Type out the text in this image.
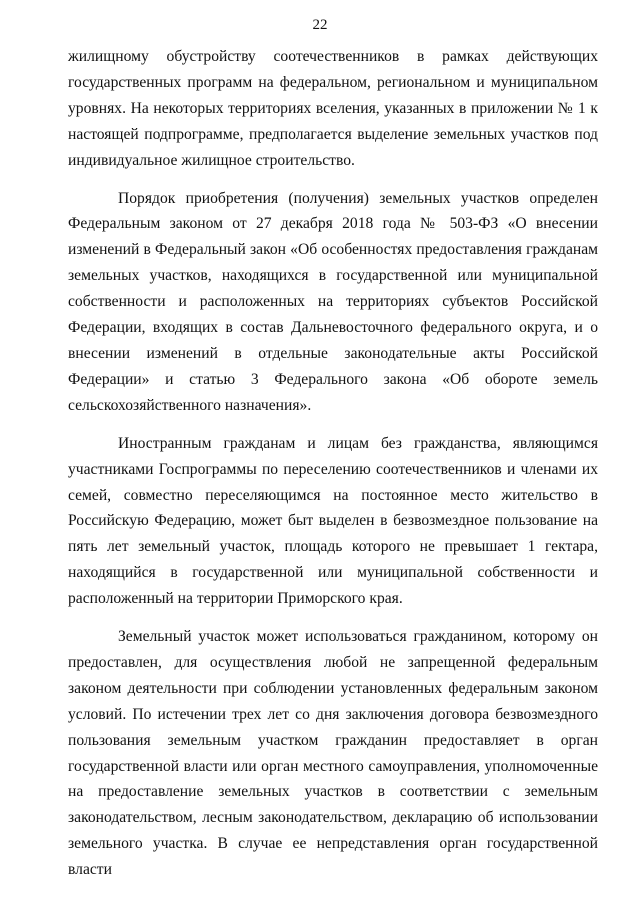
22

жилищному обустройству соотечественников в рамках действующих государственных программ на федеральном, региональном и муниципальном уровнях. На некоторых территориях вселения, указанных в приложении № 1 к настоящей подпрограмме, предполагается выделение земельных участков под индивидуальное жилищное строительство.

Порядок приобретения (получения) земельных участков определен Федеральным законом от 27 декабря 2018 года № 503-ФЗ «О внесении изменений в Федеральный закон «Об особенностях предоставления гражданам земельных участков, находящихся в государственной или муниципальной собственности и расположенных на территориях субъектов Российской Федерации, входящих в состав Дальневосточного федерального округа, и о внесении изменений в отдельные законодательные акты Российской Федерации» и статью 3 Федерального закона «Об обороте земель сельскохозяйственного назначения».

Иностранным гражданам и лицам без гражданства, являющимся участниками Госпрограммы по переселению соотечественников и членами их семей, совместно переселяющимся на постоянное место жительство в Российскую Федерацию, может быт выделен в безвозмездное пользование на пять лет земельный участок, площадь которого не превышает 1 гектара, находящийся в государственной или муниципальной собственности и расположенный на территории Приморского края.

Земельный участок может использоваться гражданином, которому он предоставлен, для осуществления любой не запрещенной федеральным законом деятельности при соблюдении установленных федеральным законом условий. По истечении трех лет со дня заключения договора безвозмездного пользования земельным участком гражданин предоставляет в орган государственной власти или орган местного самоуправления, уполномоченные на предоставление земельных участков в соответствии с земельным законодательством, лесным законодательством, декларацию об использовании земельного участка. В случае ее непредставления орган государственной власти
